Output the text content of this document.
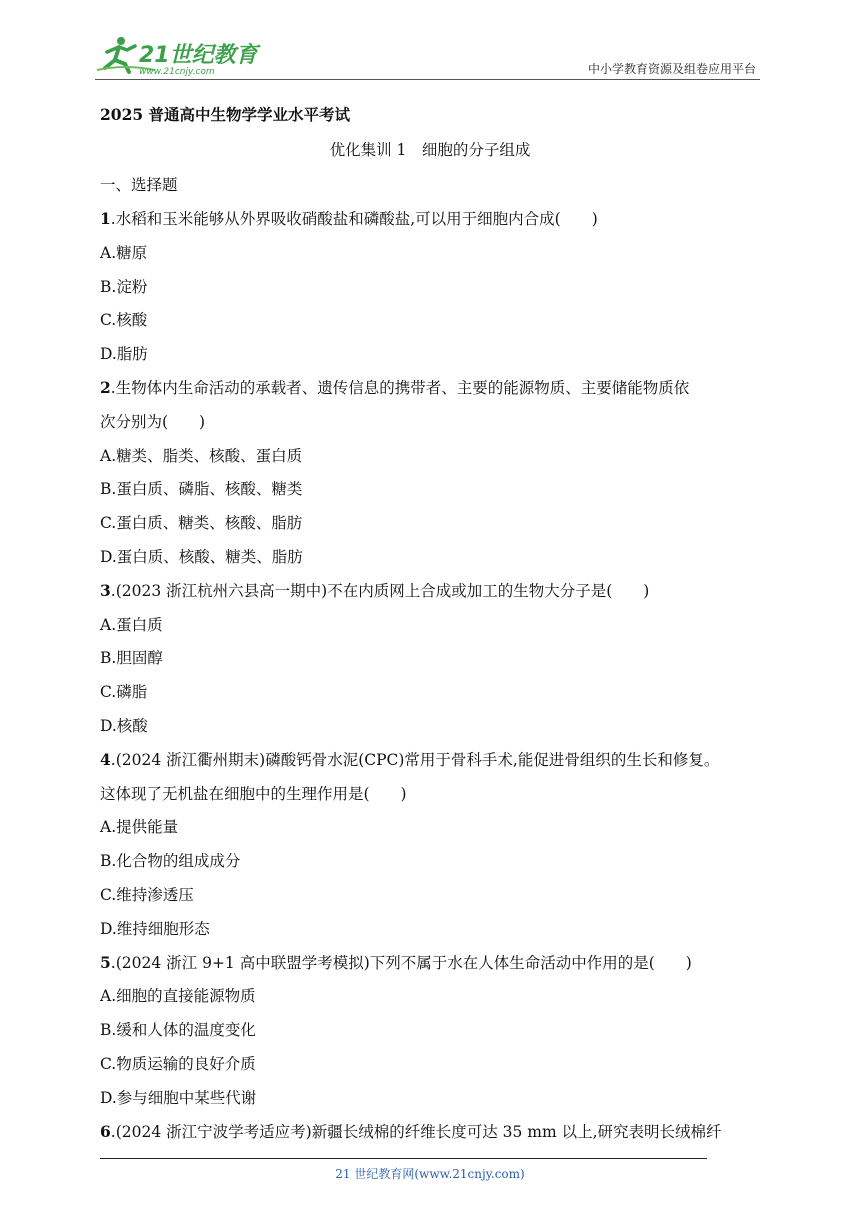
21世纪教育
www.21cnjy.com	中小学教育资源及组卷应用平台
2025 普通高中生物学学业水平考试
优化集训 1　细胞的分子组成
一、选择题
1.水稻和玉米能够从外界吸收硝酸盐和磷酸盐,可以用于细胞内合成(　　)
A.糖原
B.淀粉
C.核酸
D.脂肪
2.生物体内生命活动的承载者、遗传信息的携带者、主要的能源物质、主要储能物质依
次分别为(　　)
A.糖类、脂类、核酸、蛋白质
B.蛋白质、磷脂、核酸、糖类
C.蛋白质、糖类、核酸、脂肪
D.蛋白质、核酸、糖类、脂肪
3.(2023 浙江杭州六县高一期中)不在内质网上合成或加工的生物大分子是(　　)
A.蛋白质
B.胆固醇
C.磷脂
D.核酸
4.(2024 浙江衢州期末)磷酸钙骨水泥(CPC)常用于骨科手术,能促进骨组织的生长和修复。
这体现了无机盐在细胞中的生理作用是(　　)
A.提供能量
B.化合物的组成成分
C.维持渗透压
D.维持细胞形态
5.(2024 浙江 9+1 高中联盟学考模拟)下列不属于水在人体生命活动中作用的是(　　)
A.细胞的直接能源物质
B.缓和人体的温度变化
C.物质运输的良好介质
D.参与细胞中某些代谢
6.(2024 浙江宁波学考适应考)新疆长绒棉的纤维长度可达 35 mm 以上,研究表明长绒棉纤
21 世纪教育网(www.21cnjy.com)
